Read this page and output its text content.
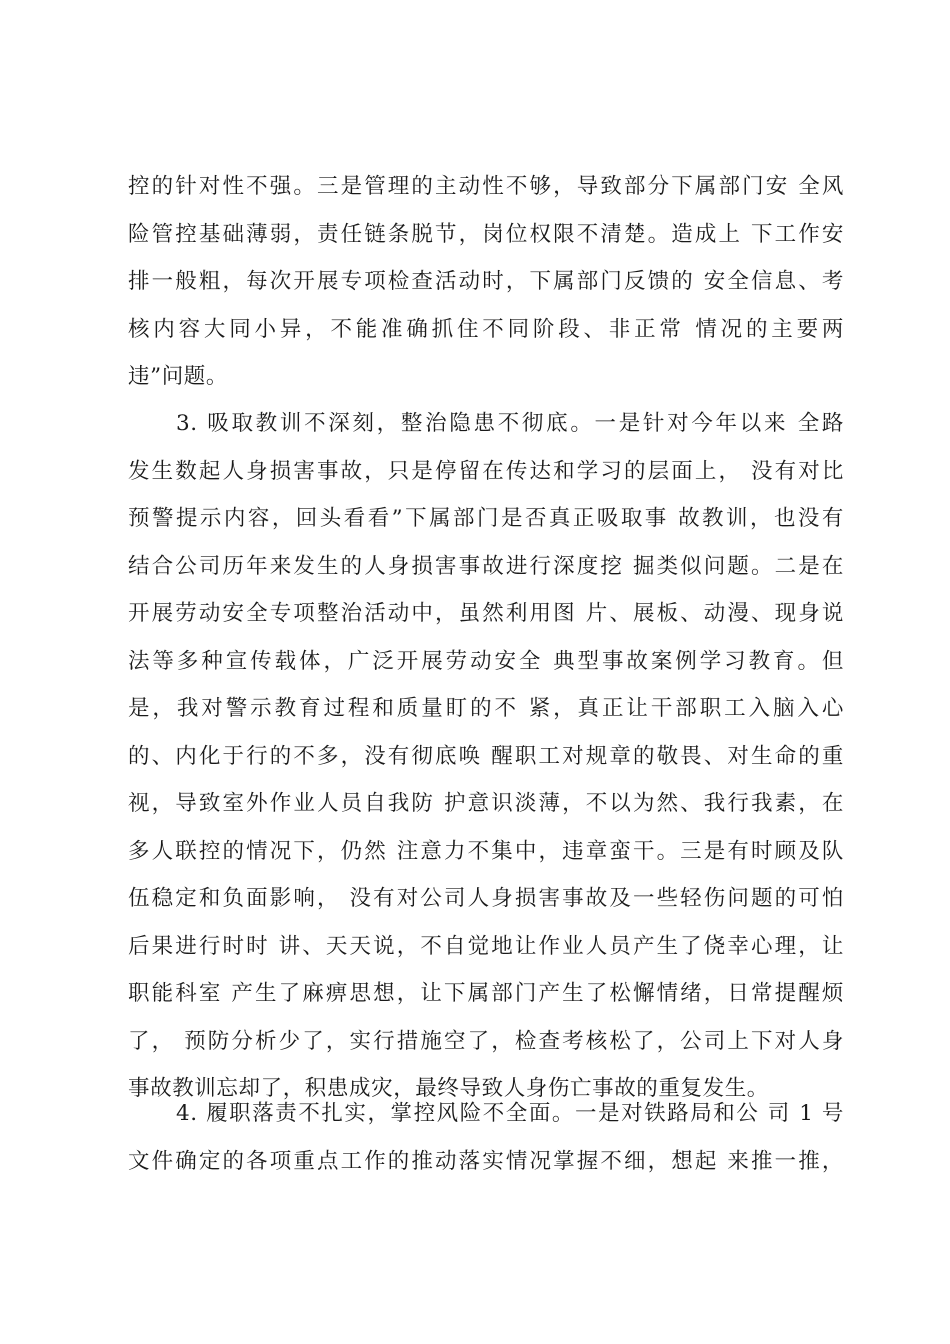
控的针对性不强。三是管理的主动性不够，导致部分下属部门安 全风
险管控基础薄弱，责任链条脱节，岗位权限不清楚。造成上 下工作安
排一般粗，每次开展专项检查活动时，下属部门反馈的 安全信息、考
核内容大同小异，不能准确抓住不同阶段、非正常 情况的主要两
违”问题。
3. 吸取教训不深刻，整治隐患不彻底。一是针对今年以来 全路
发生数起人身损害事故，只是停留在传达和学习的层面上， 没有对比
预警提示内容，回头看看”下属部门是否真正吸取事 故教训，也没有
结合公司历年来发生的人身损害事故进行深度挖 掘类似问题。二是在
开展劳动安全专项整治活动中，虽然利用图 片、展板、动漫、现身说
法等多种宣传载体，广泛开展劳动安全 典型事故案例学习教育。但
是，我对警示教育过程和质量盯的不 紧，真正让干部职工入脑入心
的、内化于行的不多，没有彻底唤 醒职工对规章的敬畏、对生命的重
视，导致室外作业人员自我防 护意识淡薄，不以为然、我行我素，在
多人联控的情况下，仍然 注意力不集中，违章蛮干。三是有时顾及队
伍稳定和负面影响， 没有对公司人身损害事故及一些轻伤问题的可怕
后果进行时时 讲、天天说，不自觉地让作业人员产生了侥幸心理，让
职能科室 产生了麻痹思想，让下属部门产生了松懈情绪，日常提醒烦
了， 预防分析少了，实行措施空了，检查考核松了，公司上下对人身
事故教训忘却了，积患成灾，最终导致人身伤亡事故的重复发生。
4. 履职落责不扎实，掌控风险不全面。一是对铁路局和公 司 1 号
文件确定的各项重点工作的推动落实情况掌握不细，想起 来推一推，
